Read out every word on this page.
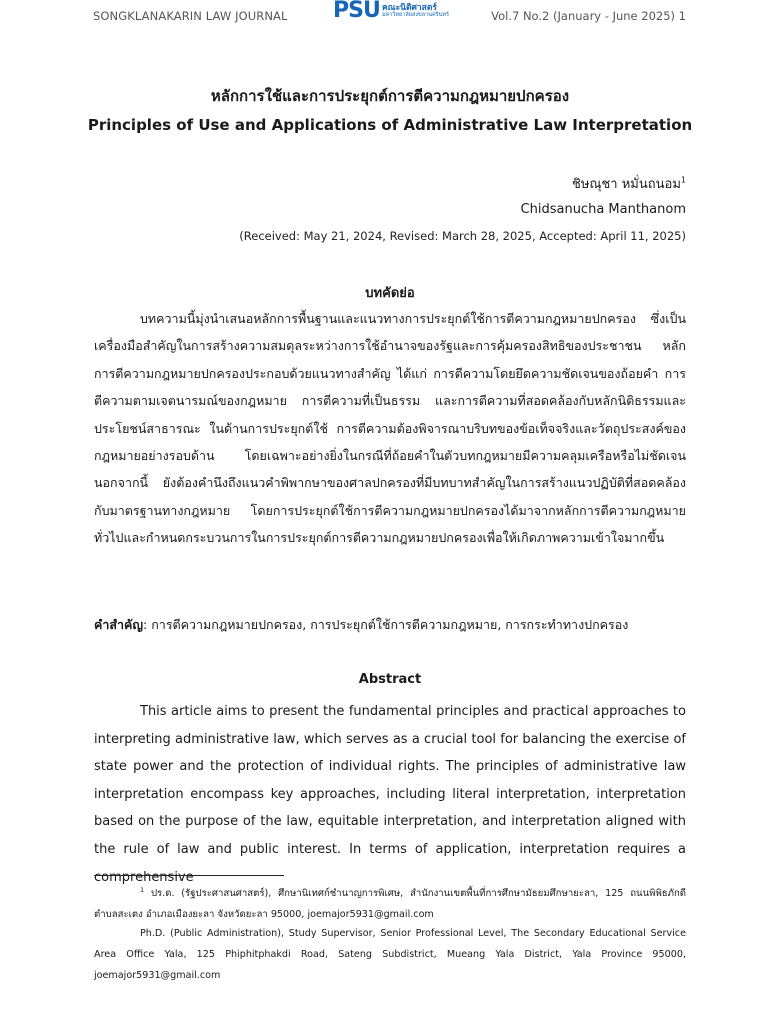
SONGKLANAKARIN LAW JOURNAL PSU คณะนิติศาสตร์
มหาวิทยาลัยสงขลานครินทร์	Vol.7 No.2 (January - June 2025) 1
หลักการใช้และการประยุกต์การตีความกฎหมายปกครอง
Principles of Use and Applications of Administrative Law Interpretation
ชิษณุชา หมั่นถนอม$^1$
Chidsanucha Manthanom
(Received: May 21, 2024, Revised: March 28, 2025, Accepted: April 11, 2025)
บทคัดย่อ
บทความนี้มุ่งนำเสนอหลักการพื้นฐานและแนวทางการประยุกต์ใช้การตีความกฎหมายปกครอง ซึ่งเป็นเครื่องมือสำคัญในการสร้างความสมดุลระหว่างการใช้อำนาจของรัฐและการคุ้มครองสิทธิของประชาชน หลักการตีความกฎหมายปกครองประกอบด้วยแนวทางสำคัญ ได้แก่ การตีความโดยยึดความชัดเจนของถ้อยคำ การตีความตามเจตนารมณ์ของกฎหมาย การตีความที่เป็นธรรม และการตีความที่สอดคล้องกับหลักนิติธรรมและประโยชน์สาธารณะ ในด้านการประยุกต์ใช้ การตีความต้องพิจารณาบริบทของข้อเท็จจริงและวัตถุประสงค์ของกฎหมายอย่างรอบด้าน โดยเฉพาะอย่างยิ่งในกรณีที่ถ้อยคำในตัวบทกฎหมายมีความคลุมเครือหรือไม่ชัดเจน นอกจากนี้ ยังต้องคำนึงถึงแนวคำพิพากษาของศาลปกครองที่มีบทบาทสำคัญในการสร้างแนวปฏิบัติที่สอดคล้องกับมาตรฐานทางกฎหมาย โดยการประยุกต์ใช้การตีความกฎหมายปกครองได้มาจากหลักการตีความกฎหมายทั่วไปและกำหนดกระบวนการในการประยุกต์การตีความกฎหมายปกครองเพื่อให้เกิดภาพความเข้าใจมากขึ้น
คำสำคัญ: การตีความกฎหมายปกครอง, การประยุกต์ใช้การตีความกฎหมาย, การกระทำทางปกครอง
Abstract
This article aims to present the fundamental principles and practical approaches to interpreting administrative law, which serves as a crucial tool for balancing the exercise of state power and the protection of individual rights. The principles of administrative law interpretation encompass key approaches, including literal interpretation, interpretation based on the purpose of the law, equitable interpretation, and interpretation aligned with the rule of law and public interest. In terms of application, interpretation requires a comprehensive
$^1$ ปร.ด. (รัฐประศาสนศาสตร์), ศึกษานิเทศก์ชำนาญการพิเศษ, สำนักงานเขตพื้นที่การศึกษามัธยมศึกษายะลา, 125 ถนนพิพิธภักดี ตำบลสะเตง อำเภอเมืองยะลา จังหวัดยะลา 95000, joemajor5931@gmail.com
Ph.D. (Public Administration), Study Supervisor, Senior Professional Level, The Secondary Educational Service Area Office Yala, 125 Phiphitphakdi Road, Sateng Subdistrict, Mueang Yala District, Yala Province 95000, joemajor5931@gmail.com
